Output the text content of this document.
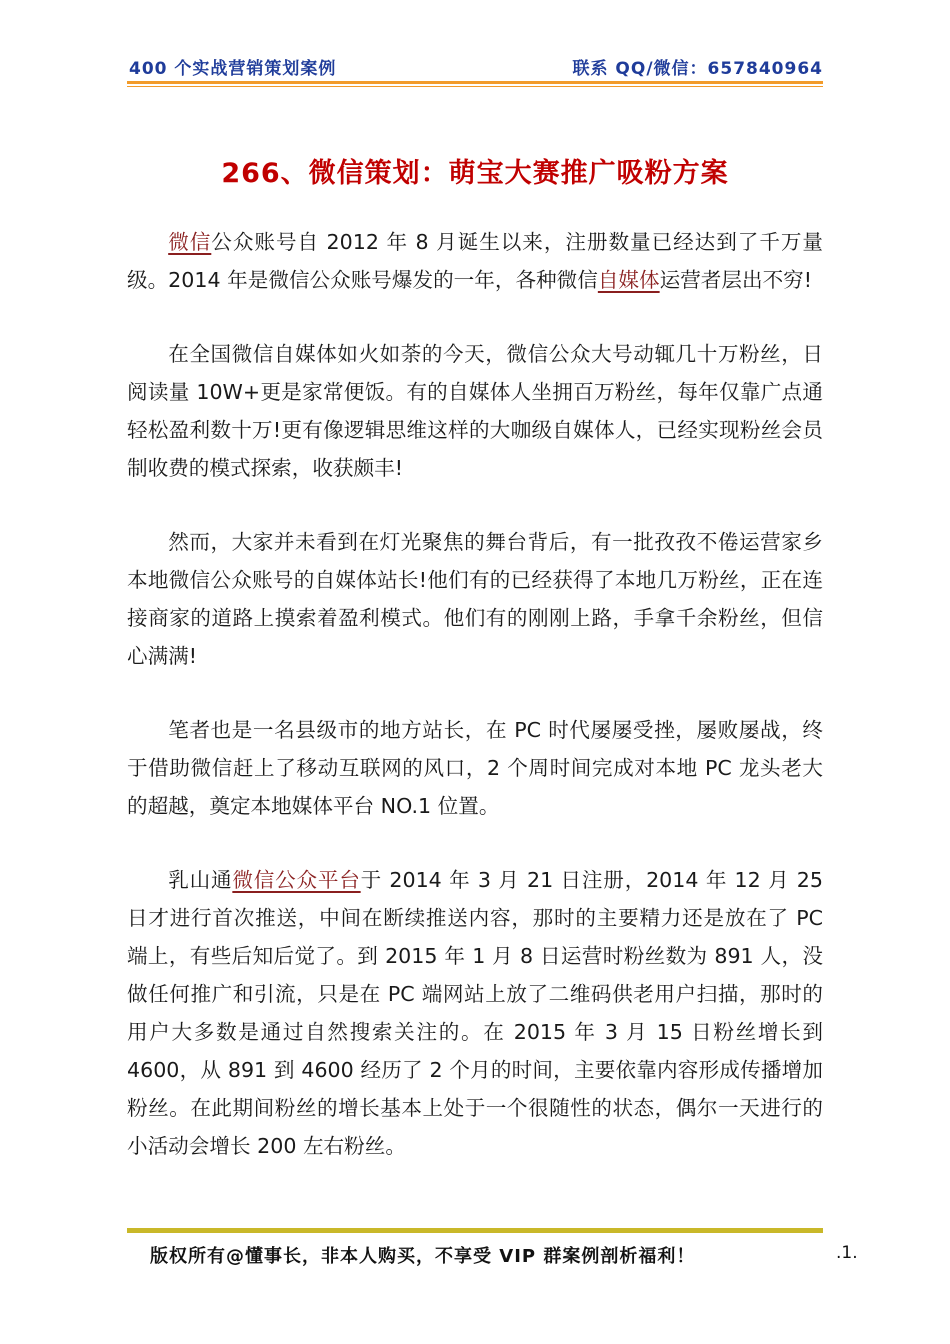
400 个实战营销策划案例	联系 QQ/微信：657840964
266、微信策划：萌宝大赛推广吸粉方案

微信公众账号自 2012 年 8 月诞生以来，注册数量已经达到了千万量级。2014 年是微信公众账号爆发的一年，各种微信自媒体运营者层出不穷!

在全国微信自媒体如火如荼的今天，微信公众大号动辄几十万粉丝，日阅读量 10W+更是家常便饭。有的自媒体人坐拥百万粉丝，每年仅靠广点通轻松盈利数十万!更有像逻辑思维这样的大咖级自媒体人，已经实现粉丝会员制收费的模式探索，收获颇丰!

然而，大家并未看到在灯光聚焦的舞台背后，有一批孜孜不倦运营家乡本地微信公众账号的自媒体站长!他们有的已经获得了本地几万粉丝，正在连接商家的道路上摸索着盈利模式。他们有的刚刚上路，手拿千余粉丝，但信心满满!

笔者也是一名县级市的地方站长，在 PC 时代屡屡受挫，屡败屡战，终于借助微信赶上了移动互联网的风口，2 个周时间完成对本地 PC 龙头老大的超越，奠定本地媒体平台 NO.1 位置。

乳山通微信公众平台于 2014 年 3 月 21 日注册，2014 年 12 月 25 日才进行首次推送，中间在断续推送内容，那时的主要精力还是放在了 PC 端上，有些后知后觉了。到 2015 年 1 月 8 日运营时粉丝数为 891 人，没做任何推广和引流，只是在 PC 端网站上放了二维码供老用户扫描，那时的用户大多数是通过自然搜索关注的。在 2015 年 3 月 15 日粉丝增长到 4600，从 891 到 4600 经历了 2 个月的时间，主要依靠内容形成传播增加粉丝。在此期间粉丝的增长基本上处于一个很随性的状态，偶尔一天进行的小活动会增长 200 左右粉丝。

版权所有@懂事长，非本人购买，不享受 VIP 群案例剖析福利！	.1.
